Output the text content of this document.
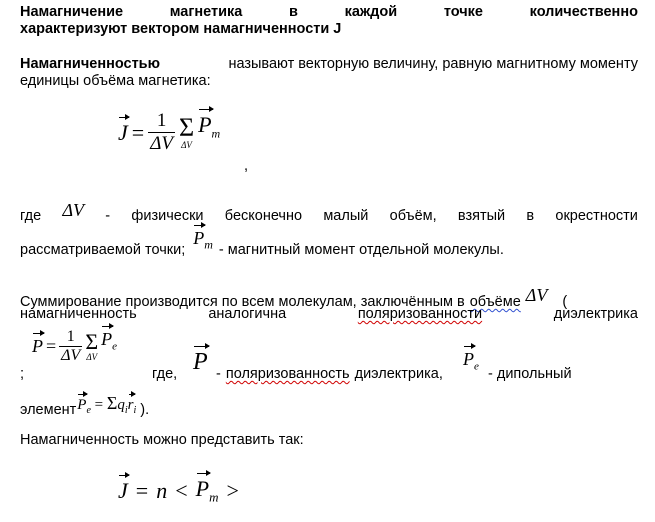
Намагничение	магнетика	в	каждой	точке	количественно
характеризуют вектором намагниченности J
Намагниченностью	называют векторную величину, равную магнитному моменту
единицы объёма магнетика:
$J = \frac{1}{\Delta V}$ Σ
ΔV
$P_m$
,
где ΔV - физически бесконечно малый объём, взятый в окрестности
рассматриваемой точки;
$P_m$ - магнитный момент отдельной молекулы.
Суммирование производится по всем молекулам, заключённым в объёме ΔV (
намагниченность	аналогична	поляризованности	диэлектрика
$P = \frac{1}{\Delta V}$ Σ
ΔV
$P_e$
;	где, P - поляризованность диэлектрика,
$P_e$ - дипольный
элемент $P_e = \Sigma q_ir_i$ ).
Намагниченность можно представить так:
$J = n < P_m$ >
